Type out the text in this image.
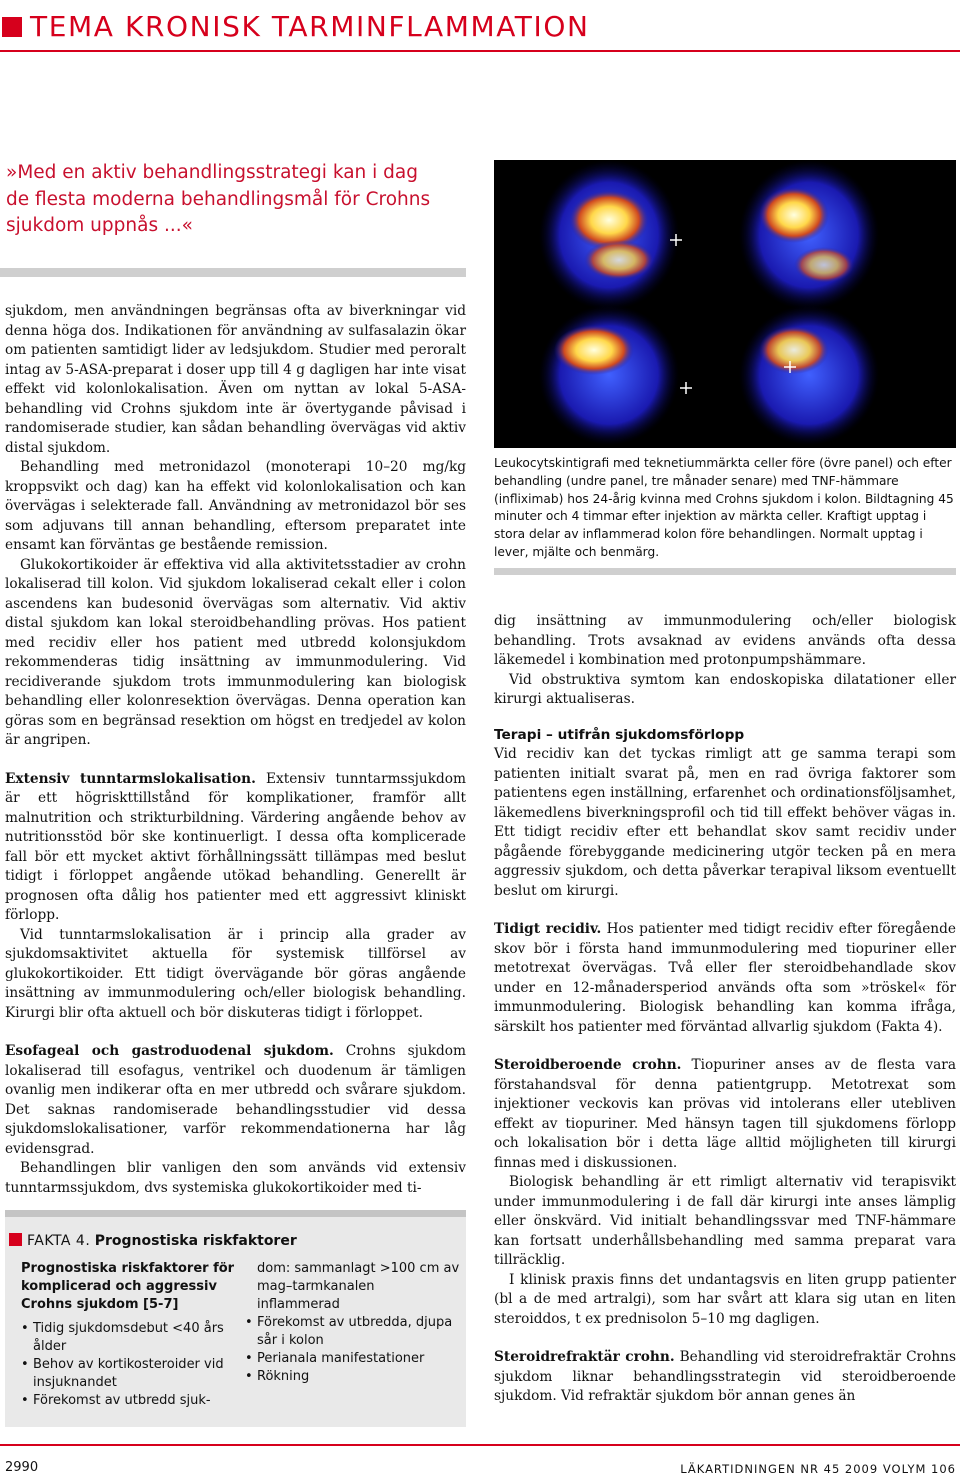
TEMA KRONISK TARMINFLAMMATION
»Med en aktiv behandlingsstrategi kan i dag de flesta moderna behandlingsmål för Crohns sjukdom uppnås ...«

sjukdom, men användningen begränsas ofta av biverkningar vid denna höga dos. Indikationen för användning av sulfasalazin ökar om patienten samtidigt lider av ledsjukdom. Studier med peroralt intag av 5-ASA-preparat i doser upp till 4 g dagligen har inte visat effekt vid kolonlokalisation. Även om nyttan av lokal 5-ASA-behandling vid Crohns sjukdom inte är övertygande påvisad i randomiserade studier, kan sådan behandling övervägas vid aktiv distal sjukdom.

Behandling med metronidazol (monoterapi 10–20 mg/kg kroppsvikt och dag) kan ha effekt vid kolonlokalisation och kan övervägas i selekterade fall. Användning av metronidazol bör ses som adjuvans till annan behandling, eftersom preparatet inte ensamt kan förväntas ge bestående remission.

Glukokortikoider är effektiva vid alla aktivitetsstadier av crohn lokaliserad till kolon. Vid sjukdom lokaliserad cekalt eller i colon ascendens kan budesonid övervägas som alternativ. Vid aktiv distal sjukdom kan lokal steroidbehandling prövas. Hos patient med recidiv eller hos patient med utbredd kolonsjukdom rekommenderas tidig insättning av immunmodulering. Vid recidiverande sjukdom trots immunmodulering kan biologisk behandling eller kolonresektion övervägas. Denna operation kan göras som en begränsad resektion om högst en tredjedel av kolon är angripen.

Extensiv tunntarmslokalisation. Extensiv tunntarmssjukdom är ett högriskttillstånd för komplikationer, framför allt malnutrition och strikturbildning. Värdering angående behov av nutritionsstöd bör ske kontinuerligt. I dessa ofta komplicerade fall bör ett mycket aktivt förhållningssätt tillämpas med beslut tidigt i förloppet angående utökad behandling. Generellt är prognosen ofta dålig hos patienter med ett aggressivt kliniskt förlopp.

Vid tunntarmslokalisation är i princip alla grader av sjukdomsaktivitet aktuella för systemisk tillförsel av glukokortikoider. Ett tidigt övervägande bör göras angående insättning av immunmodulering och/eller biologisk behandling. Kirurgi blir ofta aktuell och bör diskuteras tidigt i förloppet.

Esofageal och gastroduodenal sjukdom. Crohns sjukdom lokaliserad till esofagus, ventrikel och duodenum är tämligen ovanlig men indikerar ofta en mer utbredd och svårare sjukdom. Det saknas randomiserade behandlingsstudier vid dessa sjukdomslokalisationer, varför rekommendationerna har låg evidensgrad.

Behandlingen blir vanligen den som används vid extensiv tunntarmssjukdom, dvs systemiska glukokortikoider med ti-

Leukocytskintigrafi med teknetiummärkta celler före (övre panel) och efter behandling (undre panel, tre månader senare) med TNF-hämmare (infliximab) hos 24-årig kvinna med Crohns sjukdom i kolon. Bildtagning 45 minuter och 4 timmar efter injektion av märkta celler. Kraftigt upptag i stora delar av inflammerad kolon före behandlingen. Normalt upptag i lever, mjälte och benmärg.

dig insättning av immunmodulering och/eller biologisk behandling. Trots avsaknad av evidens används ofta dessa läkemedel i kombination med protonpumpshämmare.

Vid obstruktiva symtom kan endoskopiska dilatationer eller kirurgi aktualiseras.

Terapi – utifrån sjukdomsförlopp

Vid recidiv kan det tyckas rimligt att ge samma terapi som patienten initialt svarat på, men en rad övriga faktorer som patientens egen inställning, erfarenhet och ordinationsföljsamhet, läkemedlens biverkningsprofil och tid till effekt behöver vägas in. Ett tidigt recidiv efter ett behandlat skov samt recidiv under pågående förebyggande medicinering utgör tecken på en mera aggressiv sjukdom, och detta påverkar terapival liksom eventuellt beslut om kirurgi.

Tidigt recidiv. Hos patienter med tidigt recidiv efter föregående skov bör i första hand immunmodulering med tiopuriner eller metotrexat övervägas. Två eller fler steroidbehandlade skov under en 12-månadersperiod används ofta som »tröskel« för immunmodulering. Biologisk behandling kan komma ifråga, särskilt hos patienter med förväntad allvarlig sjukdom (Fakta 4).

Steroidberoende crohn. Tiopuriner anses av de flesta vara förstahandsval för denna patientgrupp. Metotrexat som injektioner veckovis kan prövas vid intolerans eller utebliven effekt av tiopuriner. Med hänsyn tagen till sjukdomens förlopp och lokalisation bör i detta läge alltid möjligheten till kirurgi finnas med i diskussionen.

Biologisk behandling är ett rimligt alternativ vid terapisvikt under immunmodulering i de fall där kirurgi inte anses lämplig eller önskvärd. Vid initialt behandlingssvar med TNF-hämmare kan fortsatt underhållsbehandling med samma preparat vara tillräcklig.

I klinisk praxis finns det undantagsvis en liten grupp patienter (bl a de med artralgi), som har svårt att klara sig utan en liten steroiddos, t ex prednisolon 5–10 mg dagligen.

Steroidrefraktär crohn. Behandling vid steroidrefraktär Crohns sjukdom liknar behandlingsstrategin vid steroidberoende sjukdom. Vid refraktär sjukdom bör annan genes än

FAKTA 4. Prognostiska riskfaktorer
Prognostiska riskfaktorer för komplicerad och aggressiv Crohns sjukdom [5-7]
• Tidig sjukdomsdebut <40 års ålder
• Behov av kortikosteroider vid insjuknandet
• Förekomst av utbredd sjuk-
dom: sammanlagt >100 cm av mag–tarmkanalen inflammerad
• Förekomst av utbredda, djupa sår i kolon
• Perianala manifestationer
• Rökning
2990	LÄKARTIDNINGEN NR 45 2009 VOLYM 106
